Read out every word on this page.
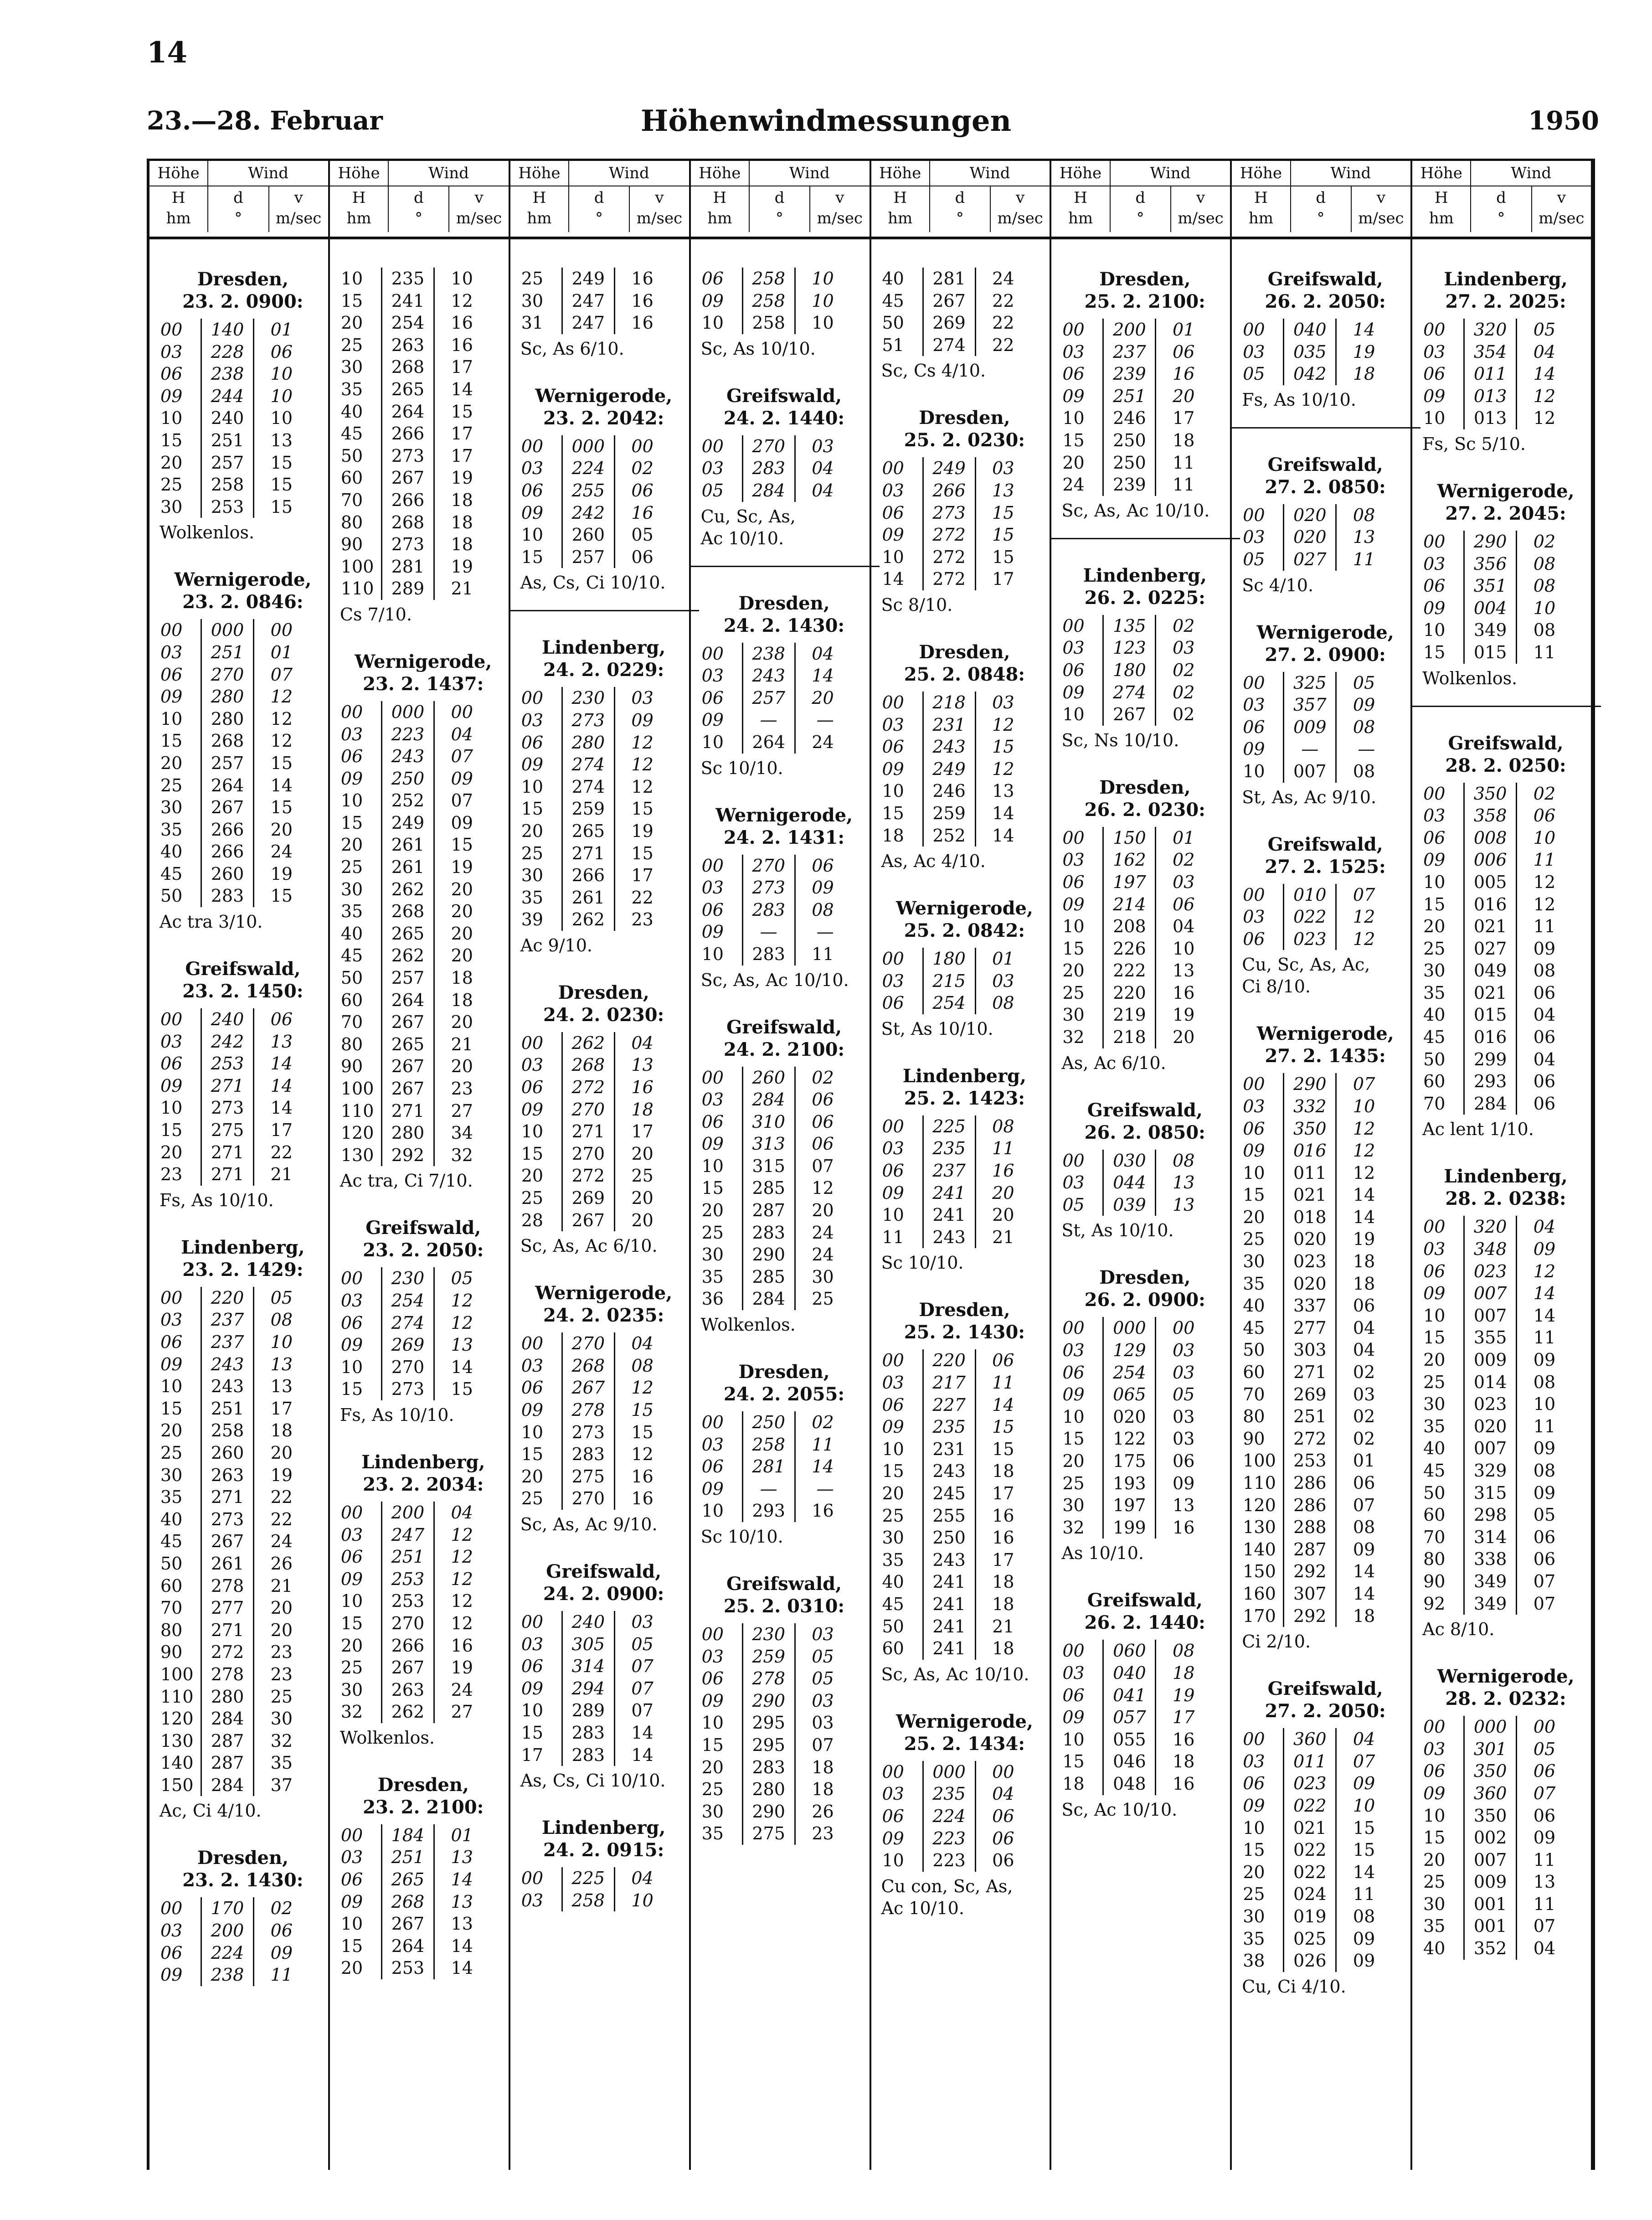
14
23.—28. Februar	Höhenwindmessungen	1950
Höhe	Wind
H	d	v
hm	°	m/sec
Dresden,
23. 2. 0900:
00	140	01
03	228	06
06	238	10
09	244	10
10	240	10
15	251	13
20	257	15
25	258	15
30	253	15
Wolkenlos.
Wernigerode,
23. 2. 0846:
00	000	00
03	251	01
06	270	07
09	280	12
10	280	12
15	268	12
20	257	15
25	264	14
30	267	15
35	266	20
40	266	24
45	260	19
50	283	15
Ac tra 3/10.
Greifswald,
23. 2. 1450:
00	240	06
03	242	13
06	253	14
09	271	14
10	273	14
15	275	17
20	271	22
23	271	21
Fs, As 10/10.
Lindenberg,
23. 2. 1429:
00	220	05
03	237	08
06	237	10
09	243	13
10	243	13
15	251	17
20	258	18
25	260	20
30	263	19
35	271	22
40	273	22
45	267	24
50	261	26
60	278	21
70	277	20
80	271	20
90	272	23
100	278	23
110	280	25
120	284	30
130	287	32
140	287	35
150	284	37
Ac, Ci 4/10.
Dresden,
23. 2. 1430:
00	170	02
03	200	06
06	224	09
09	238	11
Höhe	Wind
H	d	v
hm	°	m/sec
10	235	10
15	241	12
20	254	16
25	263	16
30	268	17
35	265	14
40	264	15
45	266	17
50	273	17
60	267	19
70	266	18
80	268	18
90	273	18
100	281	19
110	289	21
Cs 7/10.
Wernigerode,
23. 2. 1437:
00	000	00
03	223	04
06	243	07
09	250	09
10	252	07
15	249	09
20	261	15
25	261	19
30	262	20
35	268	20
40	265	20
45	262	20
50	257	18
60	264	18
70	267	20
80	265	21
90	267	20
100	267	23
110	271	27
120	280	34
130	292	32
Ac tra, Ci 7/10.
Greifswald,
23. 2. 2050:
00	230	05
03	254	12
06	274	12
09	269	13
10	270	14
15	273	15
Fs, As 10/10.
Lindenberg,
23. 2. 2034:
00	200	04
03	247	12
06	251	12
09	253	12
10	253	12
15	270	12
20	266	16
25	267	19
30	263	24
32	262	27
Wolkenlos.
Dresden,
23. 2. 2100:
00	184	01
03	251	13
06	265	14
09	268	13
10	267	13
15	264	14
20	253	14
Höhe	Wind
H	d	v
hm	°	m/sec
25	249	16
30	247	16
31	247	16
Sc, As 6/10.
Wernigerode,
23. 2. 2042:
00	000	00
03	224	02
06	255	06
09	242	16
10	260	05
15	257	06
As, Cs, Ci 10/10.
Lindenberg,
24. 2. 0229:
00	230	03
03	273	09
06	280	12
09	274	12
10	274	12
15	259	15
20	265	19
25	271	15
30	266	17
35	261	22
39	262	23
Ac 9/10.
Dresden,
24. 2. 0230:
00	262	04
03	268	13
06	272	16
09	270	18
10	271	17
15	270	20
20	272	25
25	269	20
28	267	20
Sc, As, Ac 6/10.
Wernigerode,
24. 2. 0235:
00	270	04
03	268	08
06	267	12
09	278	15
10	273	15
15	283	12
20	275	16
25	270	16
Sc, As, Ac 9/10.
Greifswald,
24. 2. 0900:
00	240	03
03	305	05
06	314	07
09	294	07
10	289	07
15	283	14
17	283	14
As, Cs, Ci 10/10.
Lindenberg,
24. 2. 0915:
00	225	04
03	258	10
Höhe	Wind
H	d	v
hm	°	m/sec
06	258	10
09	258	10
10	258	10
Sc, As 10/10.
Greifswald,
24. 2. 1440:
00	270	03
03	283	04
05	284	04
Cu, Sc, As,
Ac 10/10.
Dresden,
24. 2. 1430:
00	238	04
03	243	14
06	257	20
09	—	—
10	264	24
Sc 10/10.
Wernigerode,
24. 2. 1431:
00	270	06
03	273	09
06	283	08
09	—	—
10	283	11
Sc, As, Ac 10/10.
Greifswald,
24. 2. 2100:
00	260	02
03	284	06
06	310	06
09	313	06
10	315	07
15	285	12
20	287	20
25	283	24
30	290	24
35	285	30
36	284	25
Wolkenlos.
Dresden,
24. 2. 2055:
00	250	02
03	258	11
06	281	14
09	—	—
10	293	16
Sc 10/10.
Greifswald,
25. 2. 0310:
00	230	03
03	259	05
06	278	05
09	290	03
10	295	03
15	295	07
20	283	18
25	280	18
30	290	26
35	275	23
Höhe	Wind
H	d	v
hm	°	m/sec
40	281	24
45	267	22
50	269	22
51	274	22
Sc, Cs 4/10.
Dresden,
25. 2. 0230:
00	249	03
03	266	13
06	273	15
09	272	15
10	272	15
14	272	17
Sc 8/10.
Dresden,
25. 2. 0848:
00	218	03
03	231	12
06	243	15
09	249	12
10	246	13
15	259	14
18	252	14
As, Ac 4/10.
Wernigerode,
25. 2. 0842:
00	180	01
03	215	03
06	254	08
St, As 10/10.
Lindenberg,
25. 2. 1423:
00	225	08
03	235	11
06	237	16
09	241	20
10	241	20
11	243	21
Sc 10/10.
Dresden,
25. 2. 1430:
00	220	06
03	217	11
06	227	14
09	235	15
10	231	15
15	243	18
20	245	17
25	255	16
30	250	16
35	243	17
40	241	18
45	241	18
50	241	21
60	241	18
Sc, As, Ac 10/10.
Wernigerode,
25. 2. 1434:
00	000	00
03	235	04
06	224	06
09	223	06
10	223	06
Cu con, Sc, As,
Ac 10/10.
Höhe	Wind
H	d	v
hm	°	m/sec
Dresden,
25. 2. 2100:
00	200	01
03	237	06
06	239	16
09	251	20
10	246	17
15	250	18
20	250	11
24	239	11
Sc, As, Ac 10/10.
Lindenberg,
26. 2. 0225:
00	135	02
03	123	03
06	180	02
09	274	02
10	267	02
Sc, Ns 10/10.
Dresden,
26. 2. 0230:
00	150	01
03	162	02
06	197	03
09	214	06
10	208	04
15	226	10
20	222	13
25	220	16
30	219	19
32	218	20
As, Ac 6/10.
Greifswald,
26. 2. 0850:
00	030	08
03	044	13
05	039	13
St, As 10/10.
Dresden,
26. 2. 0900:
00	000	00
03	129	03
06	254	03
09	065	05
10	020	03
15	122	03
20	175	06
25	193	09
30	197	13
32	199	16
As 10/10.
Greifswald,
26. 2. 1440:
00	060	08
03	040	18
06	041	19
09	057	17
10	055	16
15	046	18
18	048	16
Sc, Ac 10/10.
Höhe	Wind
H	d	v
hm	°	m/sec
Greifswald,
26. 2. 2050:
00	040	14
03	035	19
05	042	18
Fs, As 10/10.
Greifswald,
27. 2. 0850:
00	020	08
03	020	13
05	027	11
Sc 4/10.
Wernigerode,
27. 2. 0900:
00	325	05
03	357	09
06	009	08
09	—	—
10	007	08
St, As, Ac 9/10.
Greifswald,
27. 2. 1525:
00	010	07
03	022	12
06	023	12
Cu, Sc, As, Ac,
Ci 8/10.
Wernigerode,
27. 2. 1435:
00	290	07
03	332	10
06	350	12
09	016	12
10	011	12
15	021	14
20	018	14
25	020	19
30	023	18
35	020	18
40	337	06
45	277	04
50	303	04
60	271	02
70	269	03
80	251	02
90	272	02
100	253	01
110	286	06
120	286	07
130	288	08
140	287	09
150	292	14
160	307	14
170	292	18
Ci 2/10.
Greifswald,
27. 2. 2050:
00	360	04
03	011	07
06	023	09
09	022	10
10	021	15
15	022	15
20	022	14
25	024	11
30	019	08
35	025	09
38	026	09
Cu, Ci 4/10.
Höhe	Wind
H	d	v
hm	°	m/sec
Lindenberg,
27. 2. 2025:
00	320	05
03	354	04
06	011	14
09	013	12
10	013	12
Fs, Sc 5/10.
Wernigerode,
27. 2. 2045:
00	290	02
03	356	08
06	351	08
09	004	10
10	349	08
15	015	11
Wolkenlos.
Greifswald,
28. 2. 0250:
00	350	02
03	358	06
06	008	10
09	006	11
10	005	12
15	016	12
20	021	11
25	027	09
30	049	08
35	021	06
40	015	04
45	016	06
50	299	04
60	293	06
70	284	06
Ac lent 1/10.
Lindenberg,
28. 2. 0238:
00	320	04
03	348	09
06	023	12
09	007	14
10	007	14
15	355	11
20	009	09
25	014	08
30	023	10
35	020	11
40	007	09
45	329	08
50	315	09
60	298	05
70	314	06
80	338	06
90	349	07
92	349	07
Ac 8/10.
Wernigerode,
28. 2. 0232:
00	000	00
03	301	05
06	350	06
09	360	07
10	350	06
15	002	09
20	007	11
25	009	13
30	001	11
35	001	07
40	352	04
